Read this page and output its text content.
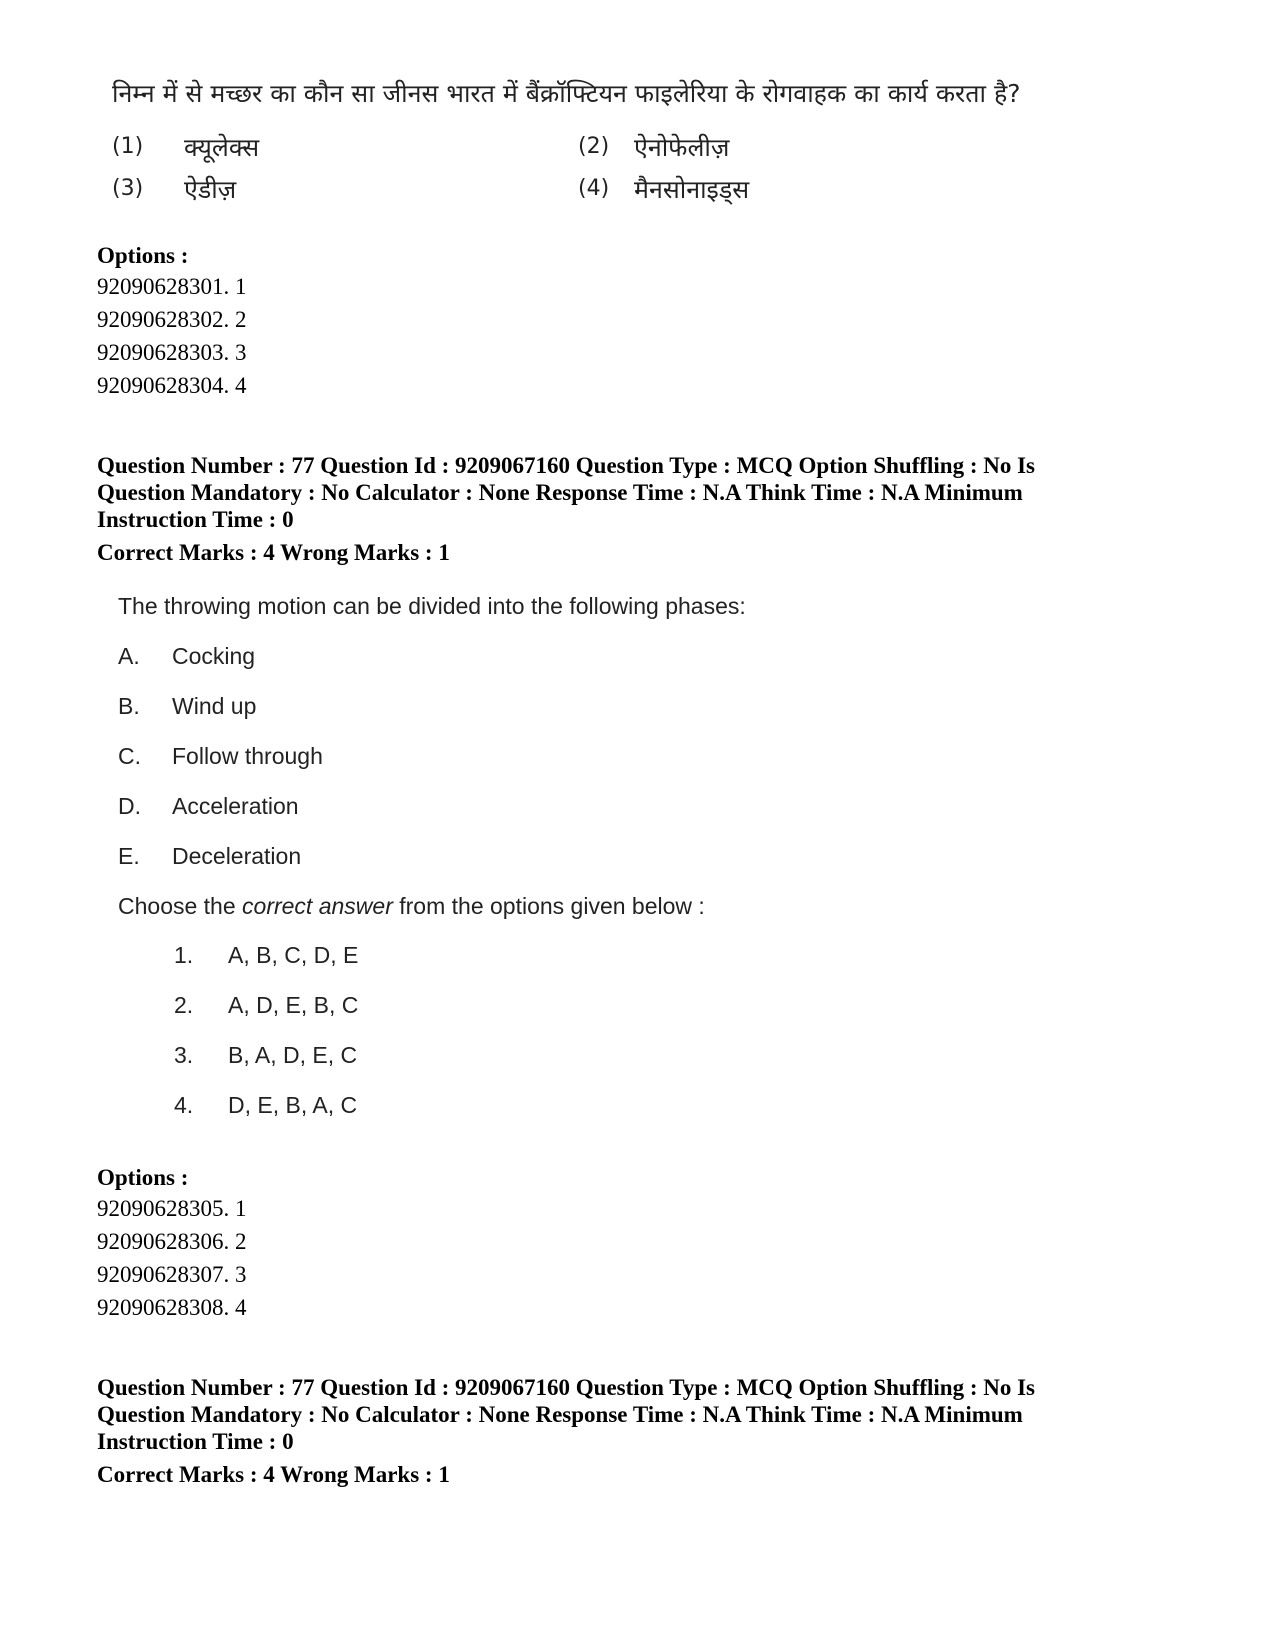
निम्न में से मच्छर का कौन सा जीनस भारत में बैंक्रॉफ्टियन फाइलेरिया के रोगवाहक का कार्य करता है?
(1) क्यूलेक्स	(2) ऐनोफेलीज़
(3) ऐडीज़	(4) मैनसोनाइड्स
Options :
92090628301. 1
92090628302. 2
92090628303. 3
92090628304. 4
Question Number : 77 Question Id : 9209067160 Question Type : MCQ Option Shuffling : No Is
Question Mandatory : No Calculator : None Response Time : N.A Think Time : N.A Minimum
Instruction Time : 0
Correct Marks : 4 Wrong Marks : 1
The throwing motion can be divided into the following phases:
A. Cocking
B. Wind up
C. Follow through
D. Acceleration
E. Deceleration
Choose the correct answer from the options given below :
1. A, B, C, D, E
2. A, D, E, B, C
3. B, A, D, E, C
4. D, E, B, A, C
Options :
92090628305. 1
92090628306. 2
92090628307. 3
92090628308. 4
Question Number : 77 Question Id : 9209067160 Question Type : MCQ Option Shuffling : No Is
Question Mandatory : No Calculator : None Response Time : N.A Think Time : N.A Minimum
Instruction Time : 0
Correct Marks : 4 Wrong Marks : 1
